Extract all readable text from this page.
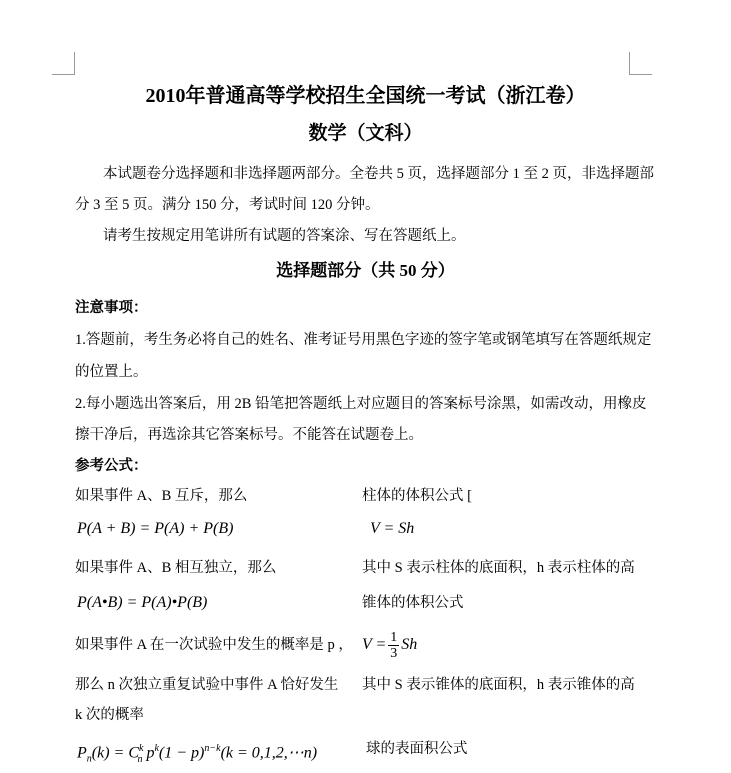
2010年普通高等学校招生全国统一考试（浙江卷）
数学（文科）
本试题卷分选择题和非选择题两部分。全卷共 5 页，选择题部分 1 至 2 页，非选择题部
分 3 至 5 页。满分 150 分，考试时间 120 分钟。
请考生按规定用笔讲所有试题的答案涂、写在答题纸上。
选择题部分（共 50 分）
注意事项：
1.答题前，考生务必将自己的姓名、准考证号用黑色字迹的签字笔或钢笔填写在答题纸规定
的位置上。
2.每小题选出答案后，用 2B 铅笔把答题纸上对应题目的答案标号涂黑，如需改动，用橡皮
擦干净后，再选涂其它答案标号。不能答在试题卷上。
参考公式：
如果事件 A、B 互斥，那么
P(A + B) = P(A) + P(B)
如果事件 A、B 相互独立，那么
P(A•B) = P(A)•P(B)
如果事件 A 在一次试验中发生的概率是 p ，
那么 n 次独立重复试验中事件 A 恰好发生
k 次的概率
$P_n(k) = C^k_n$ $p^k(1 - p)^{n-k}(k$ = 0,1,2,⋯n)
柱体的体积公式 [
V = Sh
其中 S 表示柱体的底面积，h 表示柱体的高
锥体的体积公式
$V = \frac{1}{3}$ Sh
其中 S 表示锥体的底面积，h 表示锥体的高
球的表面积公式
